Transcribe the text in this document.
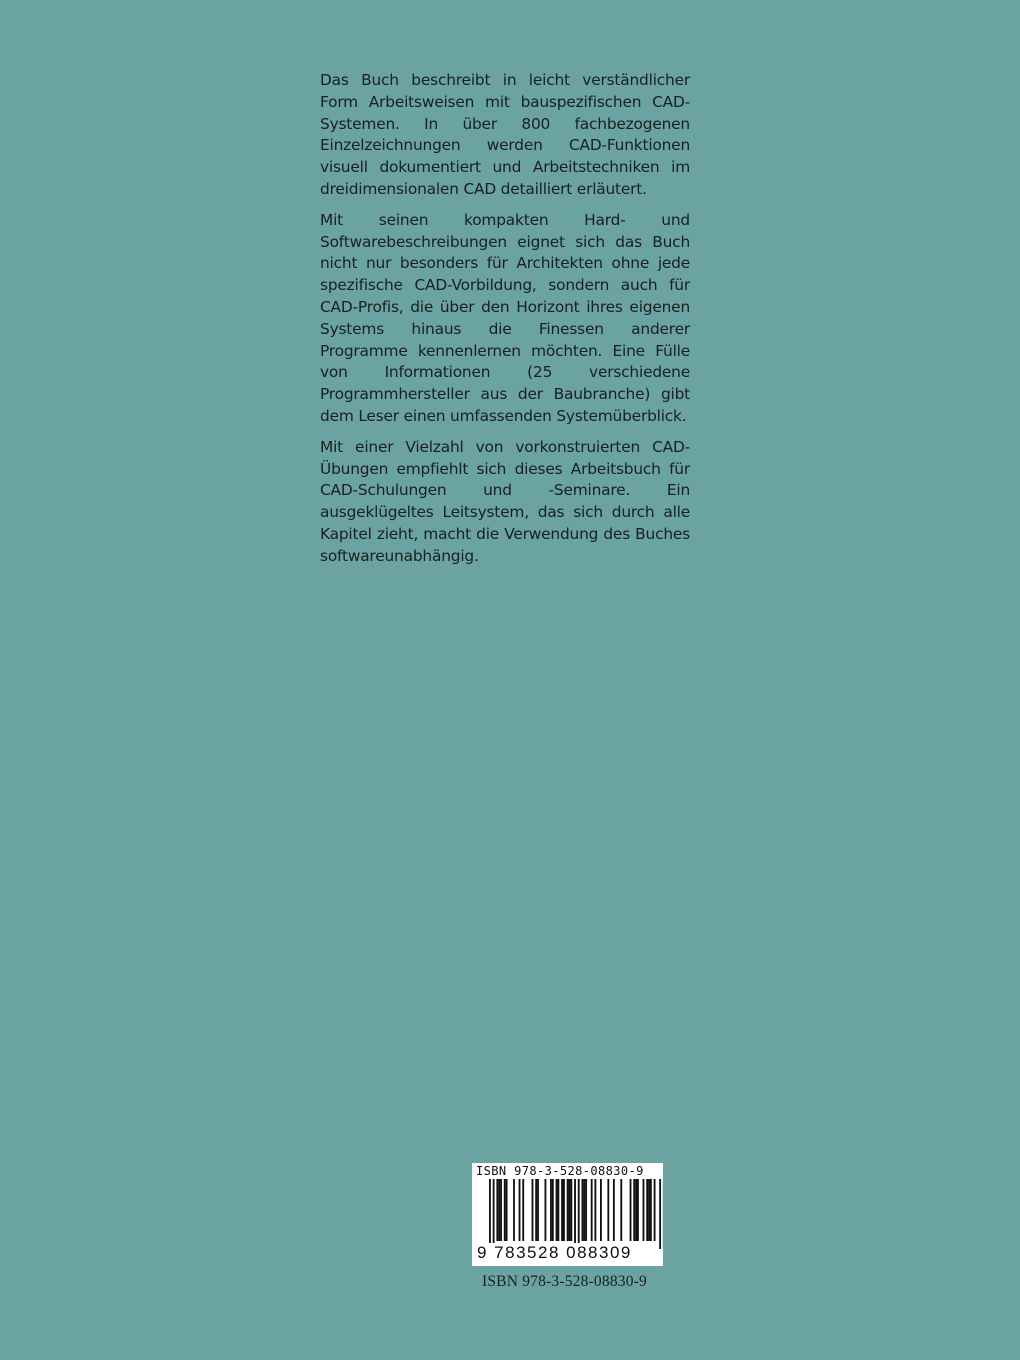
Das Buch beschreibt in leicht verständlicher Form Arbeitsweisen mit bauspezifischen CAD-Systemen. In über 800 fachbezogenen Einzelzeichnungen werden CAD-Funktionen visuell dokumentiert und Arbeitstechniken im dreidimensionalen CAD detailliert erläutert.

Mit seinen kompakten Hard- und Softwarebeschreibungen eignet sich das Buch nicht nur besonders für Architekten ohne jede spezifische CAD-Vorbildung, sondern auch für CAD-Profis, die über den Horizont ihres eigenen Systems hinaus die Finessen anderer Programme kennenlernen möchten. Eine Fülle von Informationen (25 verschiedene Programmhersteller aus der Baubranche) gibt dem Leser einen umfassenden Systemüberblick.

Mit einer Vielzahl von vorkonstruierten CAD-Übungen empfiehlt sich dieses Arbeitsbuch für CAD-Schulungen und -Seminare. Ein ausgeklügeltes Leitsystem, das sich durch alle Kapitel zieht, macht die Verwendung des Buches softwareunabhängig.

ISBN 978-3-528-08830-9
9 783528 088309
ISBN 978-3-528-08830-9
